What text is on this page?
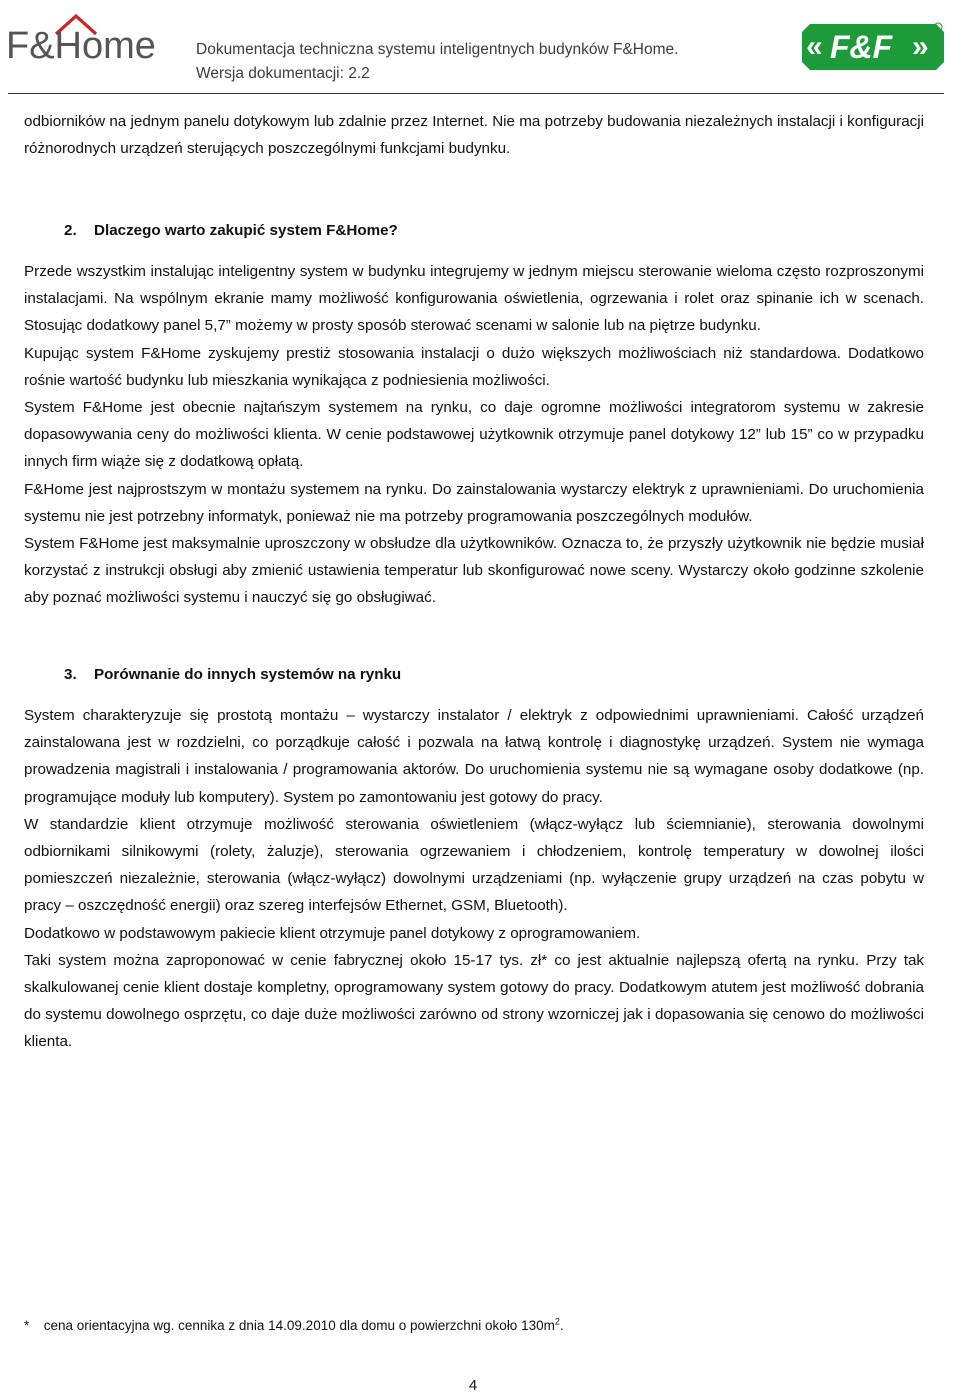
F&Home	Dokumentacja techniczna systemu inteligentnych budynków F&Home.
Wersja dokumentacji: 2.2
« F&F »

odbiorników na jednym panelu dotykowym lub zdalnie przez Internet. Nie ma potrzeby budowania niezależnych instalacji i konfiguracji różnorodnych urządzeń sterujących poszczególnymi funkcjami budynku.

2.	Dlaczego warto zakupić system F&Home?

Przede wszystkim instalując inteligentny system w budynku integrujemy w jednym miejscu sterowanie wieloma często rozproszonymi instalacjami. Na wspólnym ekranie mamy możliwość konfigurowania oświetlenia, ogrzewania i rolet oraz spinanie ich w scenach. Stosując dodatkowy panel 5,7” możemy w prosty sposób sterować scenami w salonie lub na piętrze budynku.

Kupując system F&Home zyskujemy prestiż stosowania instalacji o dużo większych możliwościach niż standardowa. Dodatkowo rośnie wartość budynku lub mieszkania wynikająca z podniesienia możliwości.

System F&Home jest obecnie najtańszym systemem na rynku, co daje ogromne możliwości integratorom systemu w zakresie dopasowywania ceny do możliwości klienta. W cenie podstawowej użytkownik otrzymuje panel dotykowy 12” lub 15” co w przypadku innych firm wiąże się z dodatkową opłatą.

F&Home jest najprostszym w montażu systemem na rynku. Do zainstalowania wystarczy elektryk z uprawnieniami. Do uruchomienia systemu nie jest potrzebny informatyk, ponieważ nie ma potrzeby programowania poszczególnych modułów.

System F&Home jest maksymalnie uproszczony w obsłudze dla użytkowników. Oznacza to, że przyszły użytkownik nie będzie musiał korzystać z instrukcji obsługi aby zmienić ustawienia temperatur lub skonfigurować nowe sceny. Wystarczy około godzinne szkolenie aby poznać możliwości systemu i nauczyć się go obsługiwać.

3.	Porównanie do innych systemów na rynku

System charakteryzuje się prostotą montażu – wystarczy instalator / elektryk z odpowiednimi uprawnieniami. Całość urządzeń zainstalowana jest w rozdzielni, co porządkuje całość i pozwala na łatwą kontrolę i diagnostykę urządzeń. System nie wymaga prowadzenia magistrali i instalowania / programowania aktorów. Do uruchomienia systemu nie są wymagane osoby dodatkowe (np. programujące moduły lub komputery). System po zamontowaniu jest gotowy do pracy.

W standardzie klient otrzymuje możliwość sterowania oświetleniem (włącz-wyłącz lub ściemnianie), sterowania dowolnymi odbiornikami silnikowymi (rolety, żaluzje), sterowania ogrzewaniem i chłodzeniem, kontrolę temperatury w dowolnej ilości pomieszczeń niezależnie, sterowania (włącz-wyłącz) dowolnymi urządzeniami (np. wyłączenie grupy urządzeń na czas pobytu w pracy – oszczędność energii) oraz szereg interfejsów Ethernet, GSM, Bluetooth).

Dodatkowo w podstawowym pakiecie klient otrzymuje panel dotykowy z oprogramowaniem.

Taki system można zaproponować w cenie fabrycznej około 15-17 tys. zł* co jest aktualnie najlepszą ofertą na rynku. Przy tak skalkulowanej cenie klient dostaje kompletny, oprogramowany system gotowy do pracy. Dodatkowym atutem jest możliwość dobrania do systemu dowolnego osprzętu, co daje duże możliwości zarówno od strony wzorniczej jak i dopasowania się cenowo do możliwości klienta.

* cena orientacyjna wg. cennika z dnia 14.09.2010 dla domu o powierzchni około $130m^2$.
4
